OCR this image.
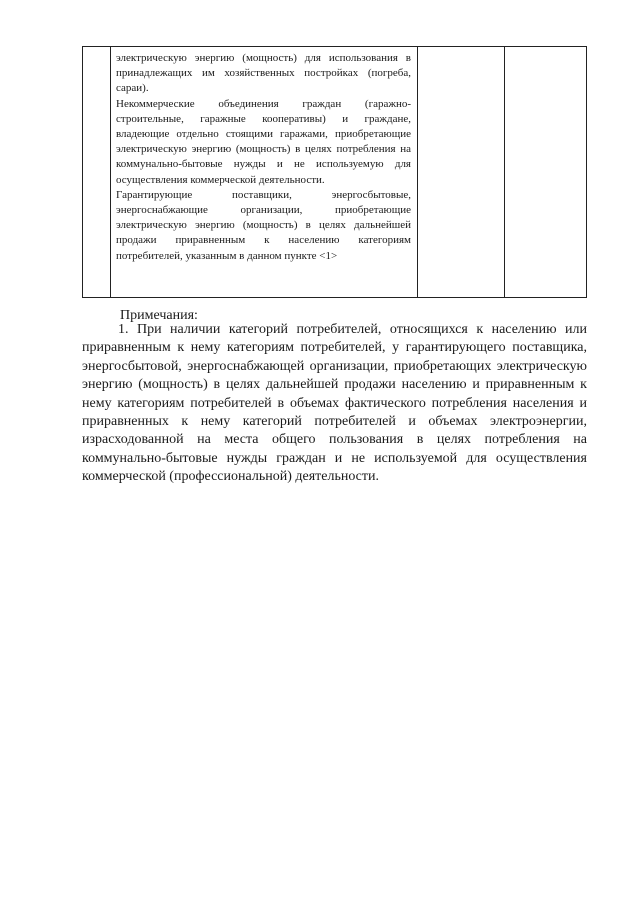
электрическую энергию (мощность) для использования в принадлежащих им хозяйственных постройках (погреба, сараи).

Некоммерческие объединения граждан (гаражно-строительные, гаражные кооперативы) и граждане, владеющие отдельно стоящими гаражами, приобретающие электрическую энергию (мощность) в целях потребления на коммунально-бытовые нужды и не используемую для осуществления коммерческой деятельности.

Гарантирующие поставщики, энергосбытовые, энергоснабжающие организации, приобретающие электрическую энергию (мощность) в целях дальнейшей продажи приравненным к населению категориям потребителей, указанным в данном пункте <1>

Примечания:

1. При наличии категорий потребителей, относящихся к населению или приравненным к нему категориям потребителей, у гарантирующего поставщика, энергосбытовой, энергоснабжающей организации, приобретающих электрическую энергию (мощность) в целях дальнейшей продажи населению и приравненным к нему категориям потребителей в объемах фактического потребления населения и приравненных к нему категорий потребителей и объемах электроэнергии, израсходованной на места общего пользования в целях потребления на коммунально-бытовые нужды граждан и не используемой для осуществления коммерческой (профессиональной) деятельности.
